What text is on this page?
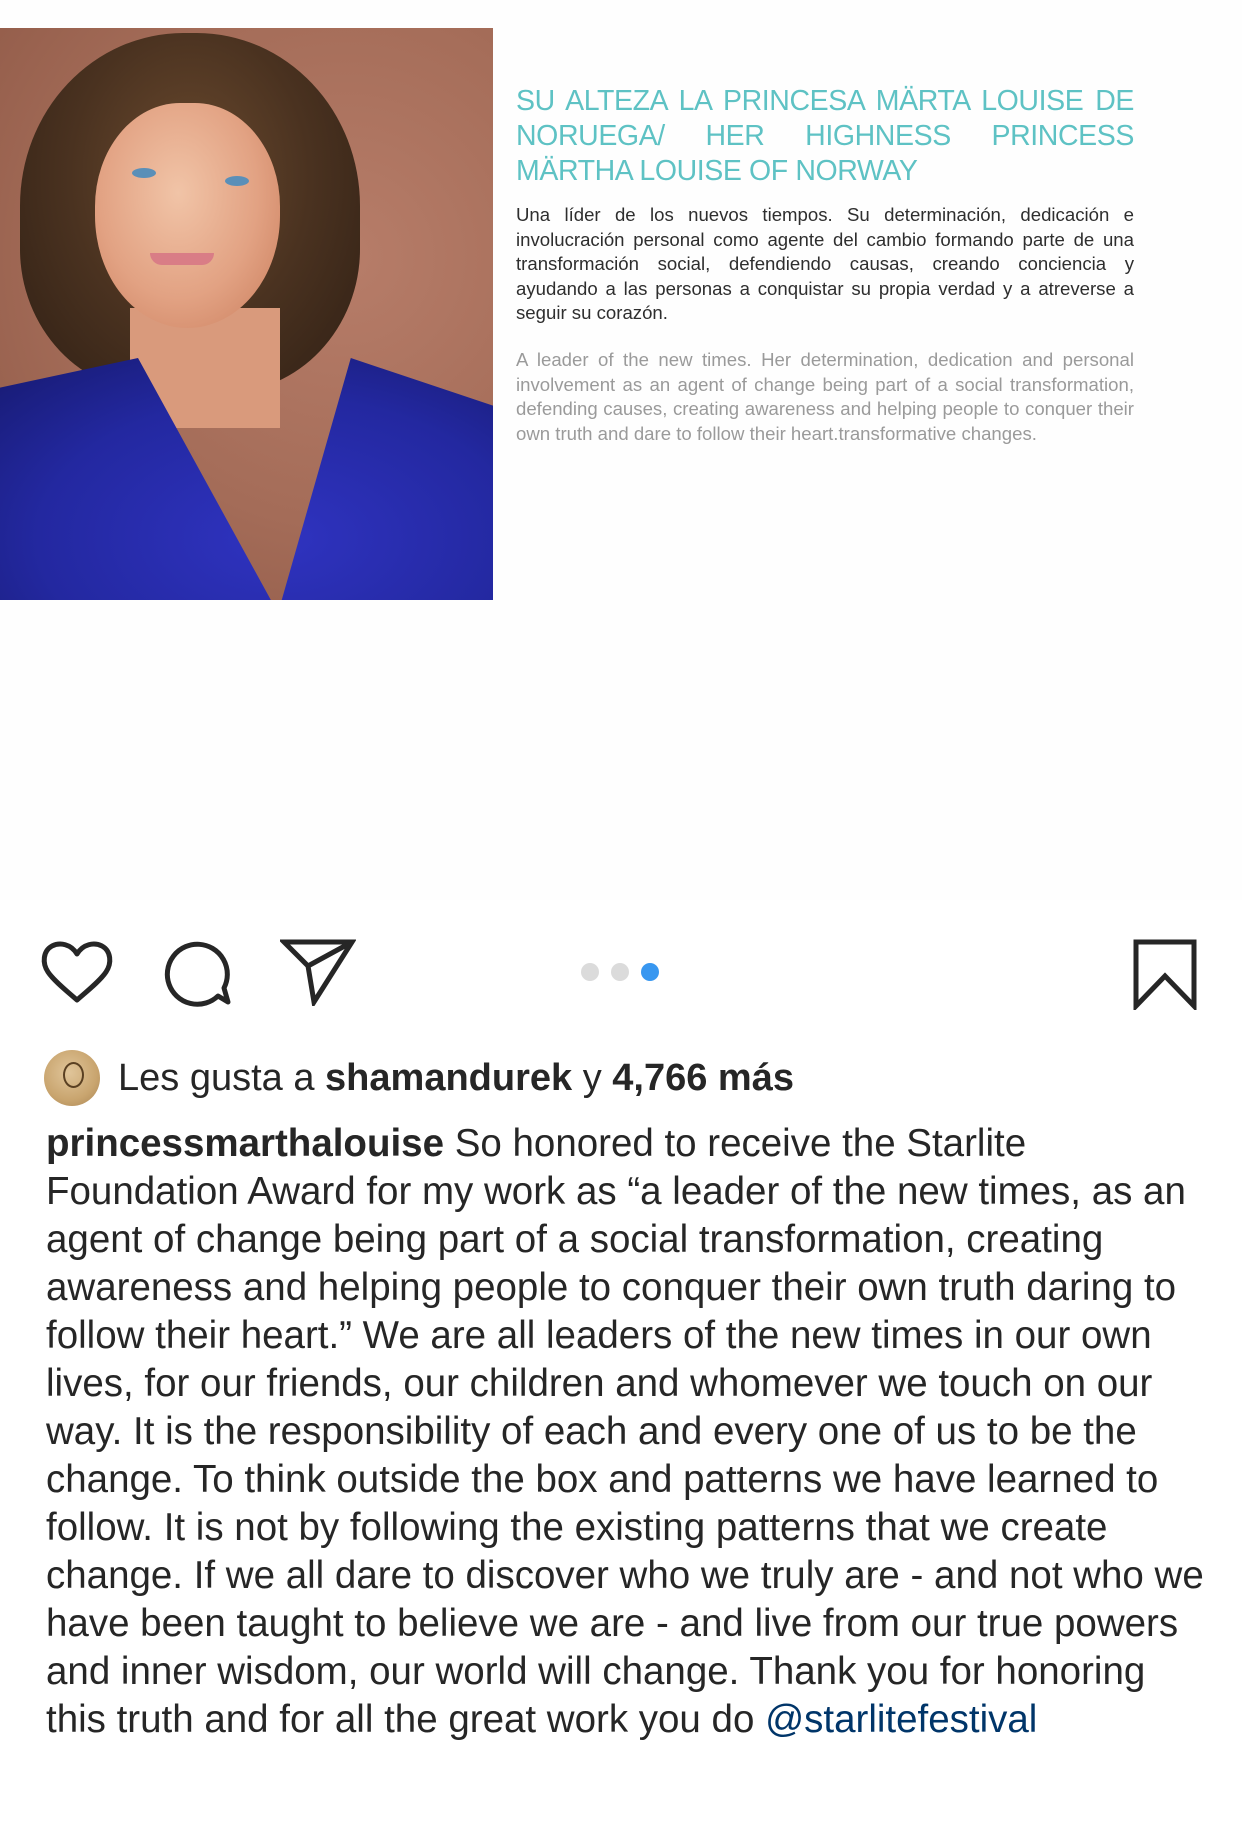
SU ALTEZA LA PRINCESA MÄRTA LOUISE DE NORUEGA/ HER HIGHNESS PRINCESS MÄRTHA LOUISE OF NORWAY

Una líder de los nuevos tiempos. Su determinación, dedicación e involucración personal como agente del cambio formando parte de una transformación social, defendiendo causas, creando conciencia y ayudando a las personas a conquistar su propia verdad y a atreverse a seguir su corazón.

A leader of the new times. Her determination, dedication and personal involvement as an agent of change being part of a social transformation, defending causes, creating awareness and helping people to conquer their own truth and dare to follow their heart.transformative changes.

Les gusta a
shamandurek
y
4,766 más
princessmarthalouise So honored to receive the Starlite Foundation Award for my work as “a leader of the new times, as an agent of change being part of a social transformation, creating awareness and helping people to conquer their own truth daring to follow their heart.” We are all leaders of the new times in our own lives, for our friends, our children and whomever we touch on our way. It is the responsibility of each and every one of us to be the change. To think outside the box and patterns we have learned to follow. It is not by following the existing patterns that we create change. If we all dare to discover who we truly are - and not who we have been taught to believe we are - and live from our true powers and inner wisdom, our world will change. Thank you for honoring this truth and for all the great work you do @starlitefestival
